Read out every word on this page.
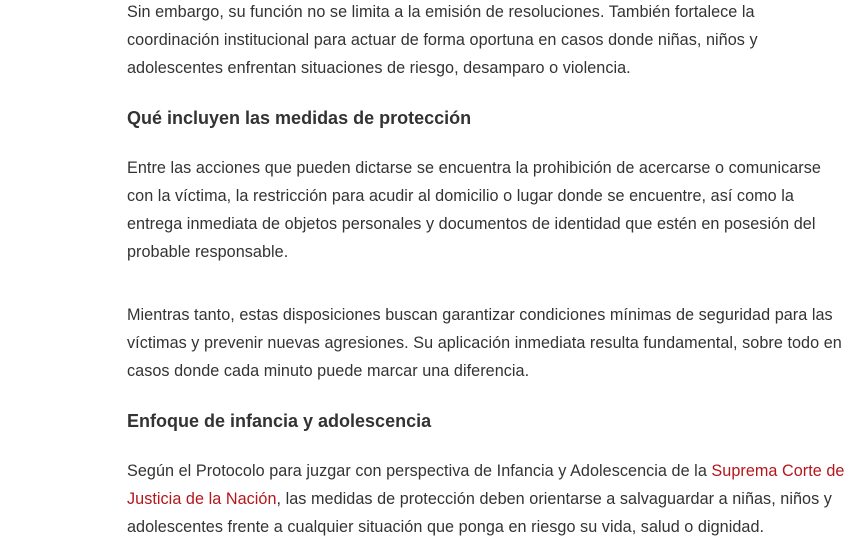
Sin embargo, su función no se limita a la emisión de resoluciones. También fortalece la coordinación institucional para actuar de forma oportuna en casos donde niñas, niños y adolescentes enfrentan situaciones de riesgo, desamparo o violencia.

Qué incluyen las medidas de protección

Entre las acciones que pueden dictarse se encuentra la prohibición de acercarse o comunicarse con la víctima, la restricción para acudir al domicilio o lugar donde se encuentre, así como la entrega inmediata de objetos personales y documentos de identidad que estén en posesión del probable responsable.

Mientras tanto, estas disposiciones buscan garantizar condiciones mínimas de seguridad para las víctimas y prevenir nuevas agresiones. Su aplicación inmediata resulta fundamental, sobre todo en casos donde cada minuto puede marcar una diferencia.

Enfoque de infancia y adolescencia

Según el Protocolo para juzgar con perspectiva de Infancia y Adolescencia de la Suprema Corte de Justicia de la Nación, las medidas de protección deben orientarse a salvaguardar a niñas, niños y adolescentes frente a cualquier situación que ponga en riesgo su vida, salud o dignidad.
